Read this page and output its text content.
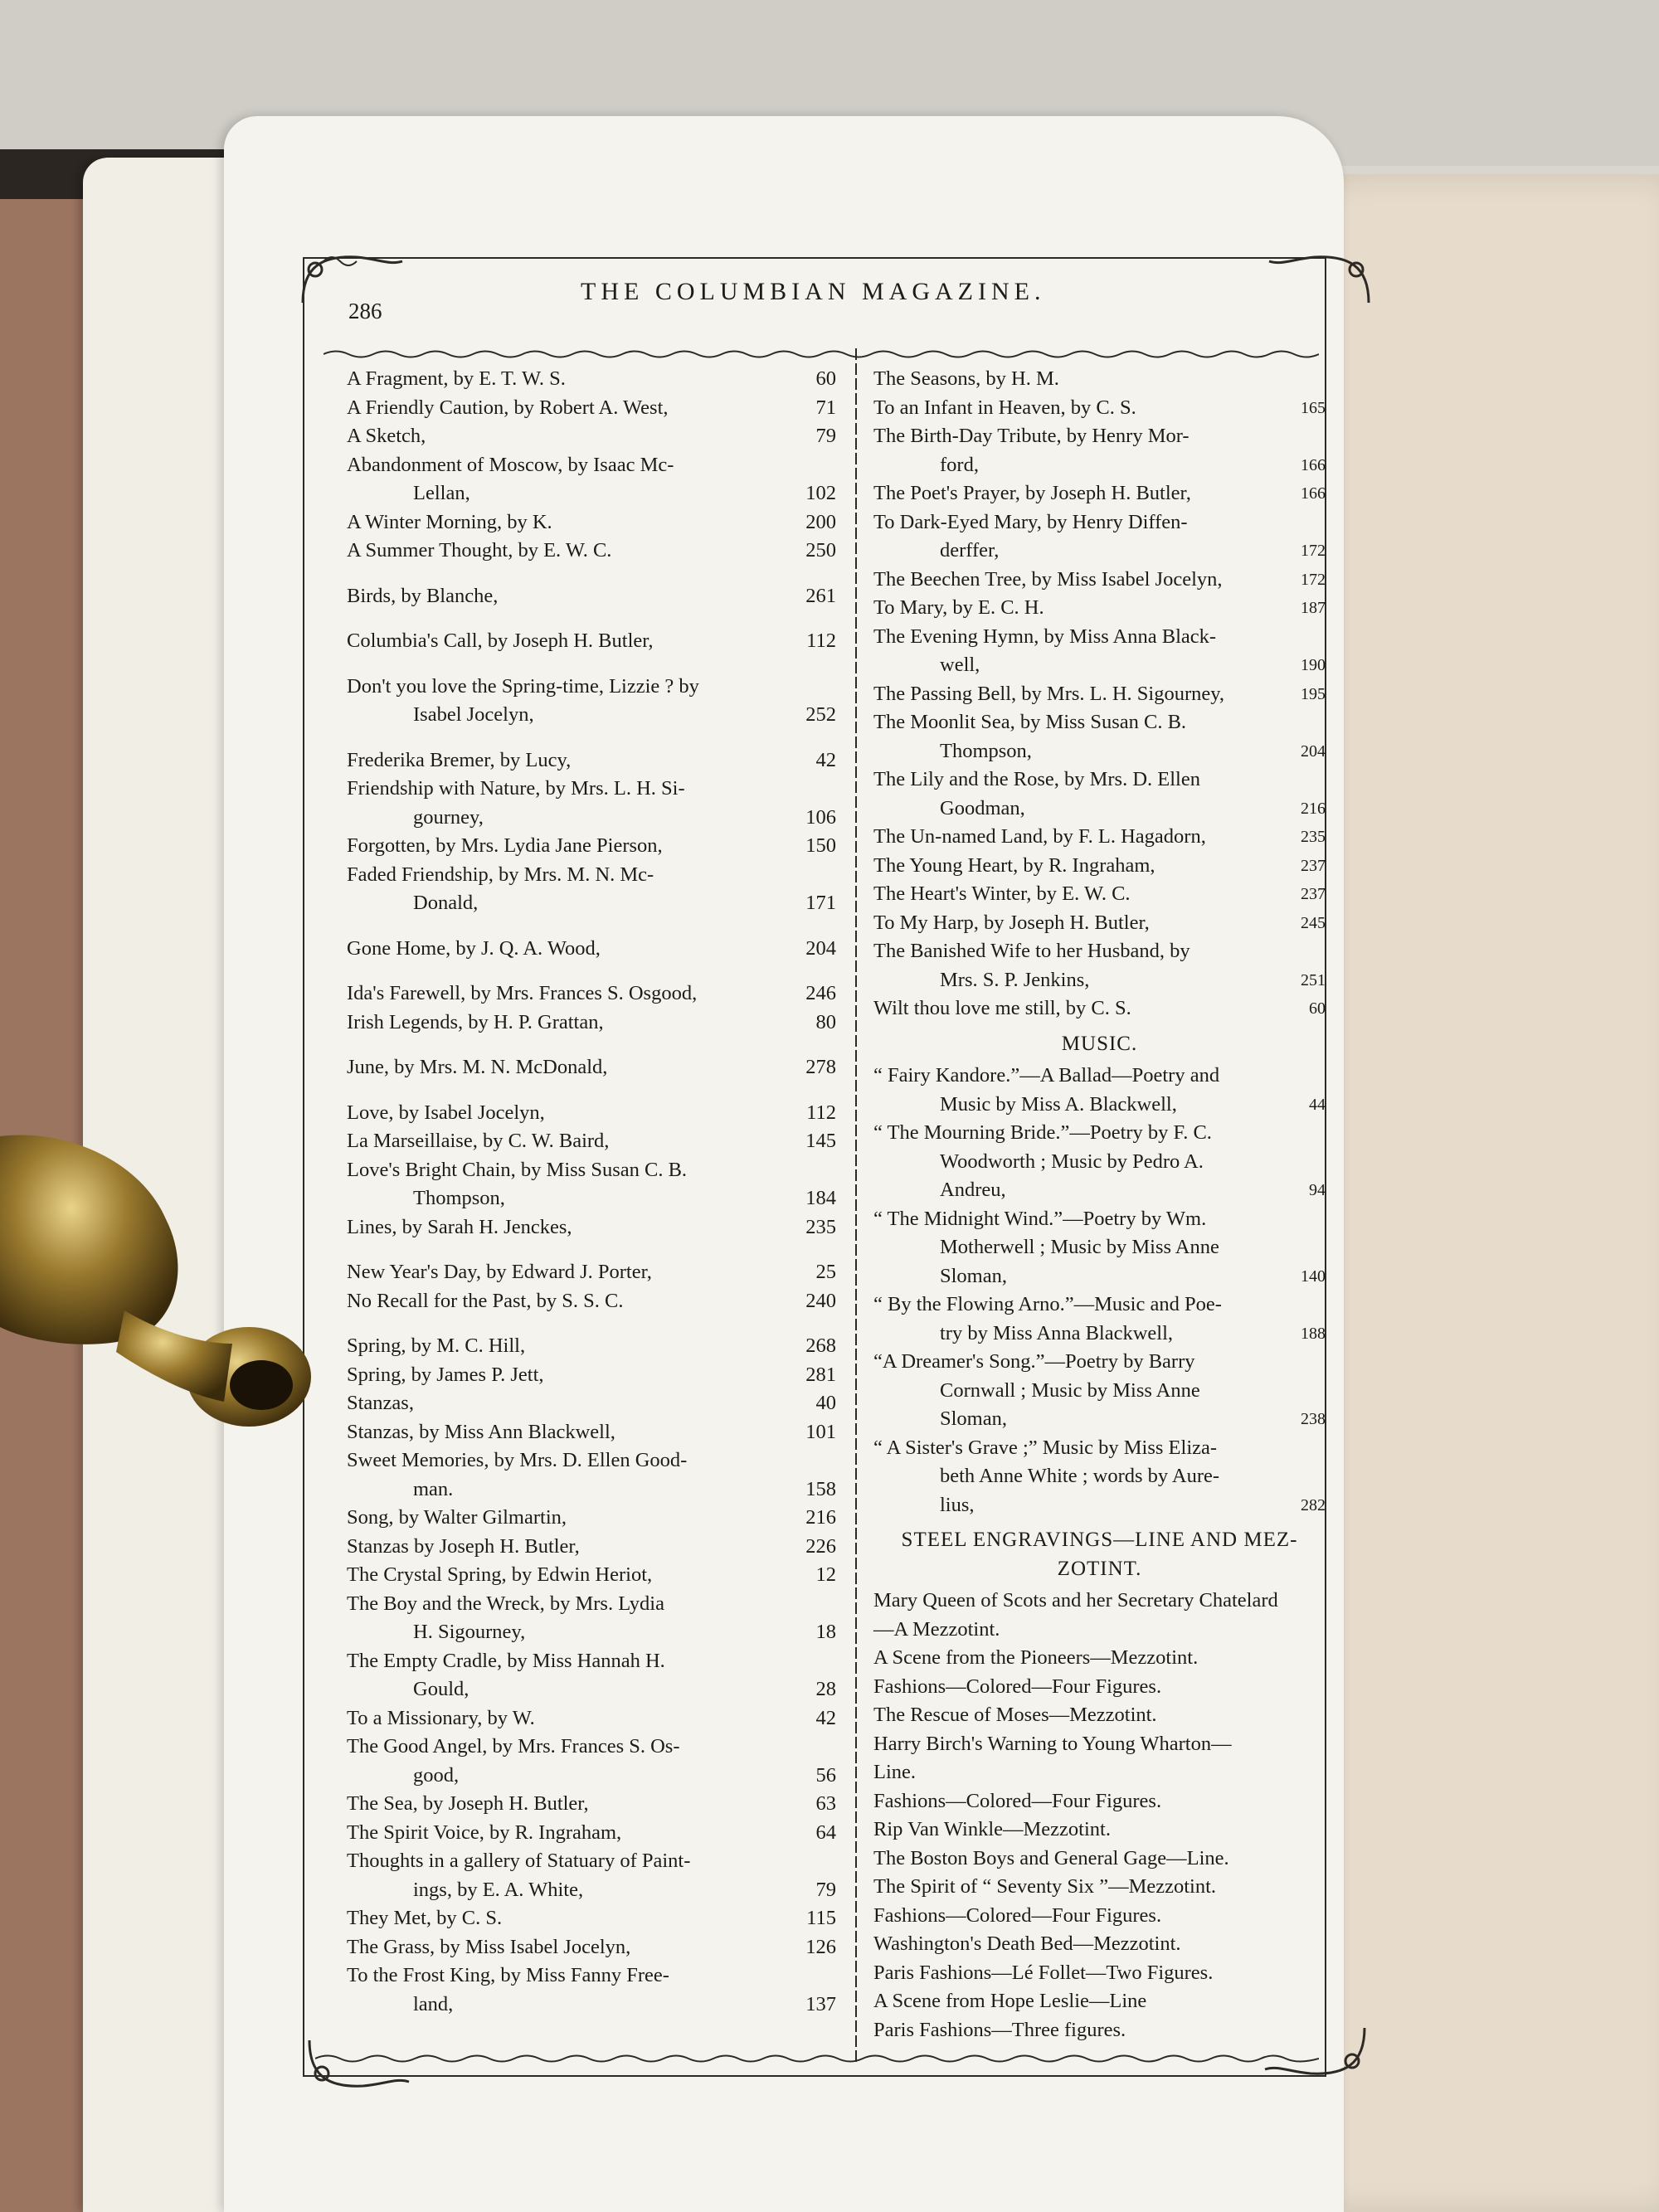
286
THE COLUMBIAN MAGAZINE.
A Fragment, by E. T. W. S.	60
A Friendly Caution, by Robert A. West,	71
A Sketch,	79
Abandonment of Moscow, by Isaac Mc-
Lellan,	102
A Winter Morning, by K.	200
A Summer Thought, by E. W. C.	250
Birds, by Blanche,	261
Columbia's Call, by Joseph H. Butler,	112
Don't you love the Spring-time, Lizzie ? by
Isabel Jocelyn,	252
Frederika Bremer, by Lucy,	42
Friendship with Nature, by Mrs. L. H. Si-
gourney,	106
Forgotten, by Mrs. Lydia Jane Pierson,	150
Faded Friendship, by Mrs. M. N. Mc-
Donald,	171
Gone Home, by J. Q. A. Wood,	204
Ida's Farewell, by Mrs. Frances S. Osgood,	246
Irish Legends, by H. P. Grattan,	80
June, by Mrs. M. N. McDonald,	278
Love, by Isabel Jocelyn,	112
La Marseillaise, by C. W. Baird,	145
Love's Bright Chain, by Miss Susan C. B.
Thompson,	184
Lines, by Sarah H. Jenckes,	235
New Year's Day, by Edward J. Porter,	25
No Recall for the Past, by S. S. C.	240
Spring, by M. C. Hill,	268
Spring, by James P. Jett,	281
Stanzas,	40
Stanzas, by Miss Ann Blackwell,	101
Sweet Memories, by Mrs. D. Ellen Good-
man.	158
Song, by Walter Gilmartin,	216
Stanzas by Joseph H. Butler,	226
The Crystal Spring, by Edwin Heriot,	12
The Boy and the Wreck, by Mrs. Lydia
H. Sigourney,	18
The Empty Cradle, by Miss Hannah H.
Gould,	28
To a Missionary, by W.	42
The Good Angel, by Mrs. Frances S. Os-
good,	56
The Sea, by Joseph H. Butler,	63
The Spirit Voice, by R. Ingraham,	64
Thoughts in a gallery of Statuary of Paint-
ings, by E. A. White,	79
They Met, by C. S.	115
The Grass, by Miss Isabel Jocelyn,	126
To the Frost King, by Miss Fanny Free-
land,	137
The Seasons, by H. M.
To an Infant in Heaven, by C. S.	165
The Birth-Day Tribute, by Henry Mor-
ford,	166
The Poet's Prayer, by Joseph H. Butler,	166
To Dark-Eyed Mary, by Henry Diffen-
derffer,	172
The Beechen Tree, by Miss Isabel Jocelyn,	172
To Mary, by E. C. H.	187
The Evening Hymn, by Miss Anna Black-
well,	190
The Passing Bell, by Mrs. L. H. Sigourney,	195
The Moonlit Sea, by Miss Susan C. B.
Thompson,	204
The Lily and the Rose, by Mrs. D. Ellen
Goodman,	216
The Un-named Land, by F. L. Hagadorn,	235
The Young Heart, by R. Ingraham,	237
The Heart's Winter, by E. W. C.	237
To My Harp, by Joseph H. Butler,	245
The Banished Wife to her Husband, by
Mrs. S. P. Jenkins,	251
Wilt thou love me still, by C. S.	60
MUSIC.
“ Fairy Kandore.”—A Ballad—Poetry and
Music by Miss A. Blackwell,	44
“ The Mourning Bride.”—Poetry by F. C.
Woodworth ; Music by Pedro A.
Andreu,	94
“ The Midnight Wind.”—Poetry by Wm.
Motherwell ; Music by Miss Anne
Sloman,	140
“ By the Flowing Arno.”—Music and Poe-
try by Miss Anna Blackwell,	188
“A Dreamer's Song.”—Poetry by Barry
Cornwall ; Music by Miss Anne
Sloman,	238
“ A Sister's Grave ;” Music by Miss Eliza-
beth Anne White ; words by Aure-
lius,	282
STEEL ENGRAVINGS—LINE AND MEZ-
ZOTINT.
Mary Queen of Scots and her Secretary Chatelard
—A Mezzotint.
A Scene from the Pioneers—Mezzotint.
Fashions—Colored—Four Figures.
The Rescue of Moses—Mezzotint.
Harry Birch's Warning to Young Wharton—
Line.
Fashions—Colored—Four Figures.
Rip Van Winkle—Mezzotint.
The Boston Boys and General Gage—Line.
The Spirit of “ Seventy Six ”—Mezzotint.
Fashions—Colored—Four Figures.
Washington's Death Bed—Mezzotint.
Paris Fashions—Lé Follet—Two Figures.
A Scene from Hope Leslie—Line
Paris Fashions—Three figures.
